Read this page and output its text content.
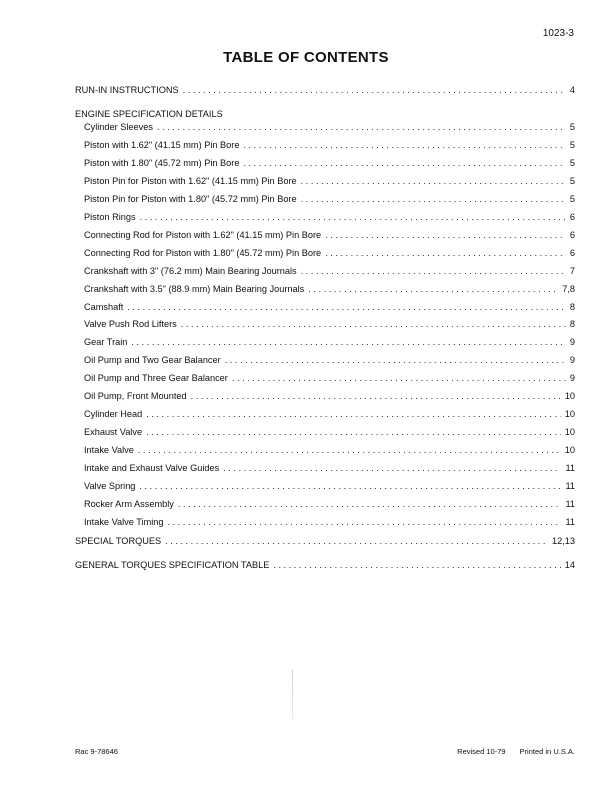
1023-3
TABLE OF CONTENTS
RUN-IN INSTRUCTIONS . . .	4
ENGINE SPECIFICATION DETAILS
Cylinder Sleeves . . .	5
Piston with 1.62" (41.15 mm) Pin Bore . . .	5
Piston with 1.80" (45.72 mm) Pin Bore . . .	5
Piston Pin for Piston with 1.62" (41.15 mm) Pin Bore . . .	5
Piston Pin for Piston with 1.80" (45.72 mm) Pin Bore . . .	5
Piston Rings . . .	6
Connecting Rod for Piston with 1.62" (41.15 mm) Pin Bore . . .	6
Connecting Rod for Piston with 1.80" (45.72 mm) Pin Bore . . .	6
Crankshaft with 3" (76.2 mm) Main Bearing Journals . . .	7
Crankshaft with 3.5" (88.9 mm) Main Bearing Journals . . .	7,8
Camshaft . . .	8
Valve Push Rod Lifters . . .	8
Gear Train . . .	9
Oil Pump and Two Gear Balancer . . .	9
Oil Pump and Three Gear Balancer . . .	9
Oil Pump, Front Mounted . . .	10
Cylinder Head . . .	10
Exhaust Valve . . .	10
Intake Valve . . .	10
Intake and Exhaust Valve Guides . . .	11
Valve Spring . . .	11
Rocker Arm Assembly . . .	11
Intake Valve Timing . . .	11
SPECIAL TORQUES . . .	12,13
GENERAL TORQUES SPECIFICATION TABLE . . .	14
Rac 9-78646	Revised 10-79 Printed in U.S.A.
